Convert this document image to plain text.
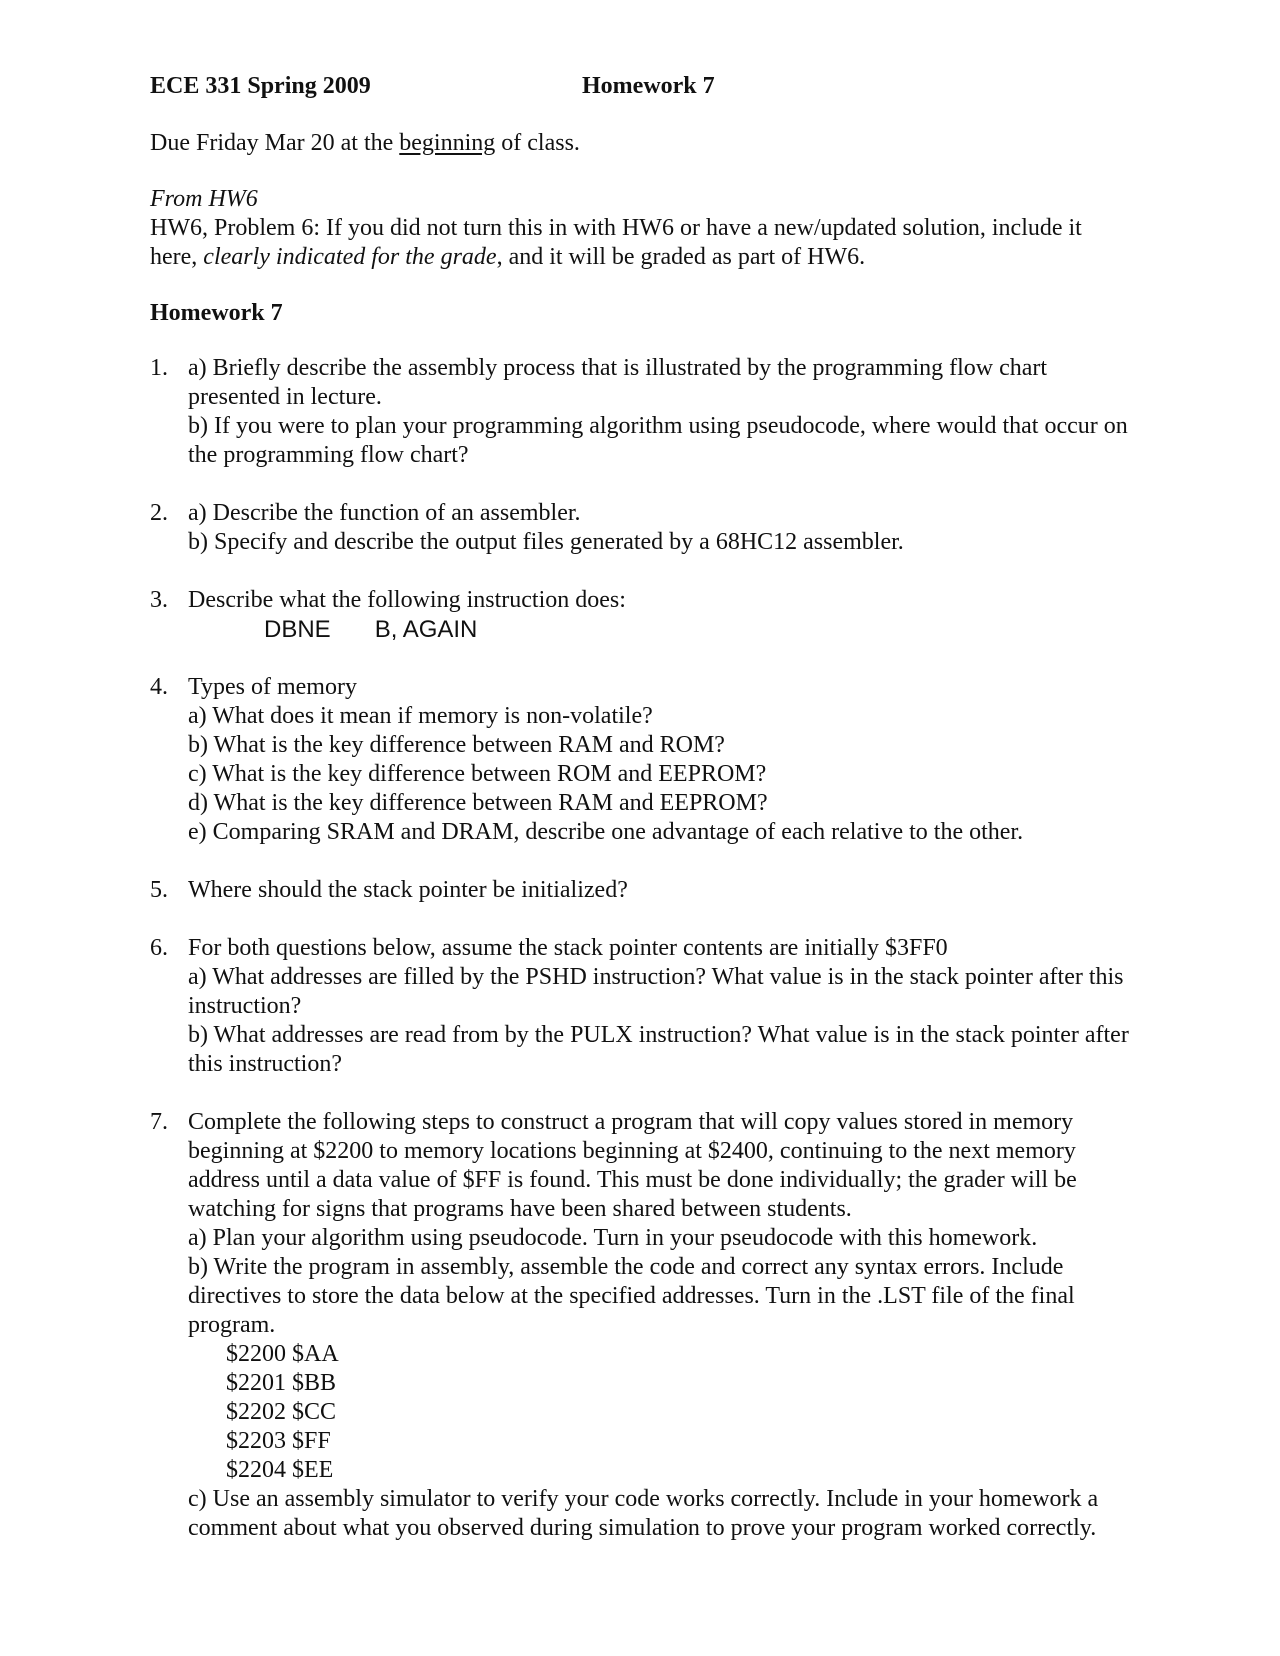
ECE 331 Spring 2009	Homework 7
Due Friday Mar 20 at the beginning of class.
From HW6
HW6, Problem 6: If you did not turn this in with HW6 or have a new/updated solution, include it here, clearly indicated for the grade, and it will be graded as part of HW6.
Homework 7
1. a) Briefly describe the assembly process that is illustrated by the programming flow chart presented in lecture.
b) If you were to plan your programming algorithm using pseudocode, where would that occur on the programming flow chart?
2. a) Describe the function of an assembler.
b) Specify and describe the output files generated by a 68HC12 assembler.
3. Describe what the following instruction does:
DBNE B, AGAIN
4. Types of memory
a) What does it mean if memory is non-volatile?
b) What is the key difference between RAM and ROM?
c) What is the key difference between ROM and EEPROM?
d) What is the key difference between RAM and EEPROM?
e) Comparing SRAM and DRAM, describe one advantage of each relative to the other.
5. Where should the stack pointer be initialized?
6. For both questions below, assume the stack pointer contents are initially $3FF0
a) What addresses are filled by the PSHD instruction? What value is in the stack pointer after this instruction?
b) What addresses are read from by the PULX instruction? What value is in the stack pointer after this instruction?
7. Complete the following steps to construct a program that will copy values stored in memory beginning at $2200 to memory locations beginning at $2400, continuing to the next memory address until a data value of $FF is found. This must be done individually; the grader will be watching for signs that programs have been shared between students.
a) Plan your algorithm using pseudocode. Turn in your pseudocode with this homework.
b) Write the program in assembly, assemble the code and correct any syntax errors. Include directives to store the data below at the specified addresses. Turn in the .LST file of the final program.
$2200 $AA
$2201 $BB
$2202 $CC
$2203 $FF
$2204 $EE
c) Use an assembly simulator to verify your code works correctly. Include in your homework a comment about what you observed during simulation to prove your program worked correctly.
